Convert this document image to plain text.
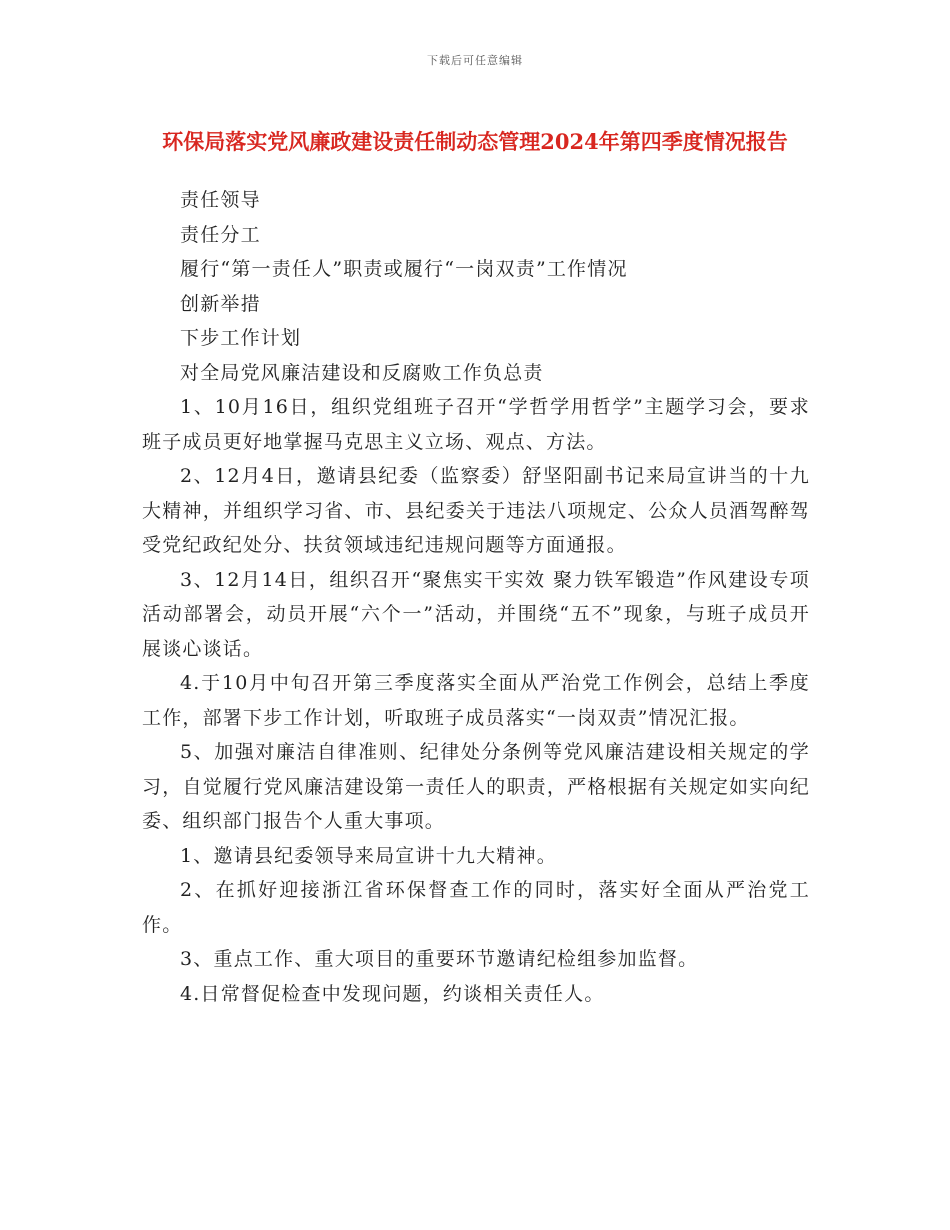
下载后可任意编辑
环保局落实党风廉政建设责任制动态管理2024年第四季度情况报告

责任领导

责任分工

履行“第一责任人”职责或履行“一岗双责”工作情况

创新举措

下步工作计划

对全局党风廉洁建设和反腐败工作负总责

1、10月16日，组织党组班子召开“学哲学用哲学”主题学习会，要求班子成员更好地掌握马克思主义立场、观点、方法。

2、12月4日，邀请县纪委（监察委）舒坚阳副书记来局宣讲当的十九大精神，并组织学习省、市、县纪委关于违法八项规定、公众人员酒驾醉驾受党纪政纪处分、扶贫领域违纪违规问题等方面通报。

3、12月14日，组织召开“聚焦实干实效 聚力铁军锻造”作风建设专项活动部署会，动员开展“六个一”活动，并围绕“五不”现象，与班子成员开展谈心谈话。

4.于10月中旬召开第三季度落实全面从严治党工作例会，总结上季度工作，部署下步工作计划，听取班子成员落实“一岗双责”情况汇报。

5、加强对廉洁自律准则、纪律处分条例等党风廉洁建设相关规定的学习，自觉履行党风廉洁建设第一责任人的职责，严格根据有关规定如实向纪委、组织部门报告个人重大事项。

1、邀请县纪委领导来局宣讲十九大精神。

2、在抓好迎接浙江省环保督查工作的同时，落实好全面从严治党工作。

3、重点工作、重大项目的重要环节邀请纪检组参加监督。

4.日常督促检查中发现问题，约谈相关责任人。
